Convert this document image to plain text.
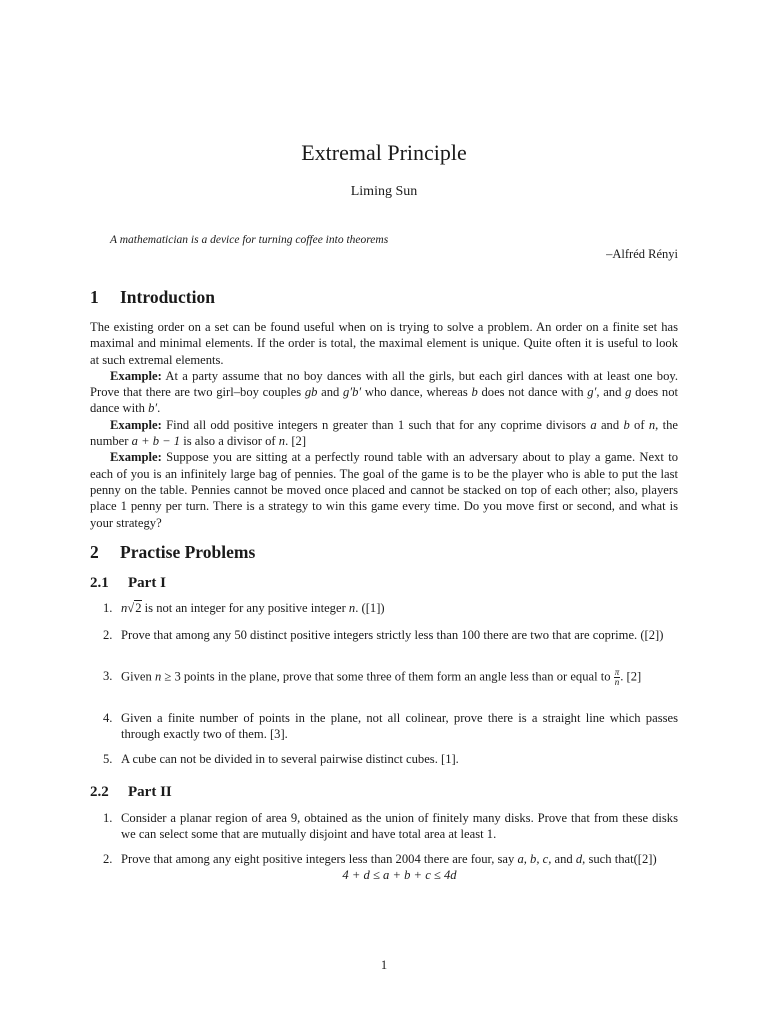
Extremal Principle
Liming Sun
A mathematician is a device for turning coffee into theorems
–Alfréd Rényi
1 Introduction

The existing order on a set can be found useful when on is trying to solve a problem. An order on a finite set has maximal and minimal elements. If the order is total, the maximal element is unique. Quite often it is useful to look at such extremal elements.

Example: At a party assume that no boy dances with all the girls, but each girl dances with at least one boy. Prove that there are two girl–boy couples gb and g′b′ who dance, whereas b does not dance with g′, and g does not dance with b′.

Example: Find all odd positive integers n greater than 1 such that for any coprime divisors a and b of n, the number a + b − 1 is also a divisor of n. [2]

Example: Suppose you are sitting at a perfectly round table with an adversary about to play a game. Next to each of you is an infinitely large bag of pennies. The goal of the game is to be the player who is able to put the last penny on the table. Pennies cannot be moved once placed and cannot be stacked on top of each other; also, players place 1 penny per turn. There is a strategy to win this game every time. Do you move first or second, and what is your strategy?

2 Practise Problems
2.1 Part I
1. n√2 is not an integer for any positive integer n. ([1])
2. Prove that among any 50 distinct positive integers strictly less than 100 there are two that are coprime. ([2])
3. Given n ≥ 3 points in the plane, prove that some three of them form an angle less than or equal to $\frac{\pi}{n}$ . [2]
4. Given a finite number of points in the plane, not all colinear, prove there is a straight line which passes through exactly two of them. [3].
5. A cube can not be divided in to several pairwise distinct cubes. [1].
2.2 Part II
1. Consider a planar region of area 9, obtained as the union of finitely many disks. Prove that from these disks we can select some that are mutually disjoint and have total area at least 1.
2. Prove that among any eight positive integers less than 2004 there are four, say a, b, c, and d, such that([2])
4 + d ≤ a + b + c ≤ 4d
1
